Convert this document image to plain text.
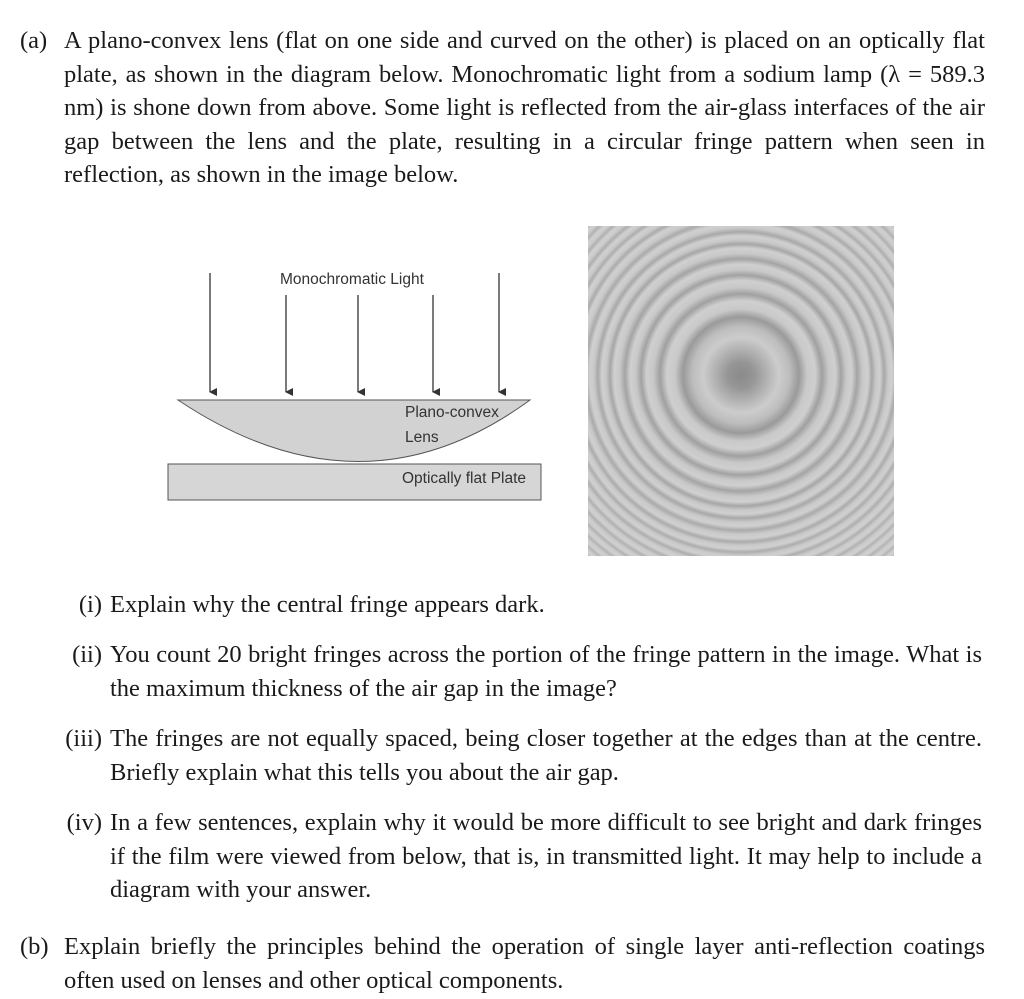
(a) A plano-convex lens (flat on one side and curved on the other) is placed on an optically flat plate, as shown in the diagram below. Monochromatic light from a sodium lamp (λ = 589.3 nm) is shone down from above. Some light is reflected from the air-glass interfaces of the air gap between the lens and the plate, resulting in a circular fringe pattern when seen in reflection, as shown in the image below.
Monochromatic Light
Plano-convex
Lens
Optically flat Plate
(i) Explain why the central fringe appears dark.
(ii) You count 20 bright fringes across the portion of the fringe pattern in the image. What is the maximum thickness of the air gap in the image?
(iii) The fringes are not equally spaced, being closer together at the edges than at the centre. Briefly explain what this tells you about the air gap.
(iv) In a few sentences, explain why it would be more difficult to see bright and dark fringes if the film were viewed from below, that is, in transmitted light. It may help to include a diagram with your answer.
(b) Explain briefly the principles behind the operation of single layer anti-reflection coatings often used on lenses and other optical components.
